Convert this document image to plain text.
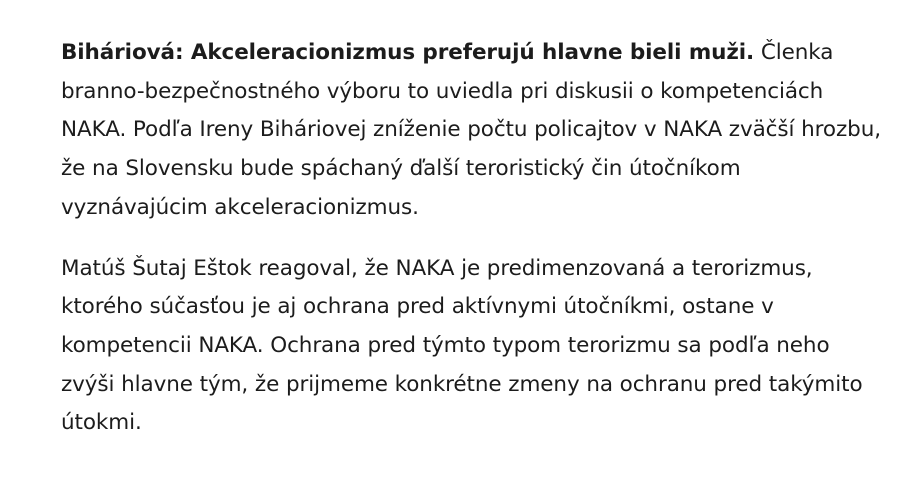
Biháriová: Akceleracionizmus preferujú hlavne bieli muži. Členka branno-bezpečnostného výboru to uviedla pri diskusii o kompetenciách NAKA. Podľa Ireny Biháriovej zníženie počtu policajtov v NAKA zväčší hrozbu, že na Slovensku bude spáchaný ďalší teroristický čin útočníkom vyznávajúcim akceleracionizmus.

Matúš Šutaj Eštok reagoval, že NAKA je predimenzovaná a terorizmus, ktorého súčasťou je aj ochrana pred aktívnymi útočníkmi, ostane v kompetencii NAKA. Ochrana pred týmto typom terorizmu sa podľa neho zvýši hlavne tým, že prijmeme konkrétne zmeny na ochranu pred takýmito útokmi.
